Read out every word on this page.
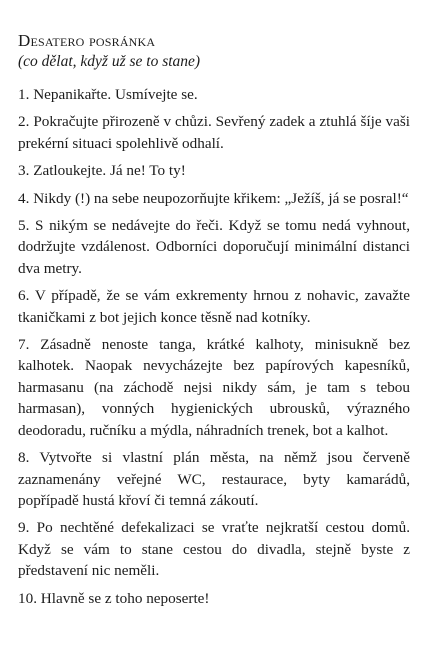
Desatero posránka

(co dělat, když už se to stane)

1. Nepanikařte. Usmívejte se.

2. Pokračujte přirozeně v chůzi. Sevřený zadek a ztuhlá šíje vaši prekérní situaci spolehlivě odhalí.

3. Zatloukejte. Já ne! To ty!

4. Nikdy (!) na sebe neupozorňujte křikem: „Ježíš, já se posral!“

5. S nikým se nedávejte do řeči. Když se tomu nedá vyhnout, dodržujte vzdálenost. Odborníci doporučují minimální distanci dva metry.

6. V případě, že se vám exkrementy hrnou z nohavic, zavažte tkaničkami z bot jejich konce těsně nad kotníky.

7. Zásadně nenoste tanga, krátké kalhoty, minisukně bez kalhotek. Naopak nevycházejte bez papírových kapesníků, harmasanu (na záchodě nejsi nikdy sám, je tam s tebou harmasan), vonných hygienických ubrousků, výrazného deodoradu, ručníku a mýdla, náhradních trenek, bot a kalhot.

8. Vytvořte si vlastní plán města, na němž jsou červeně zaznamenány veřejné WC, restaurace, byty kamarádů, popřípadě hustá křoví či temná zákoutí.

9. Po nechtěné defekalizaci se vraťte nejkratší cestou domů. Když se vám to stane cestou do divadla, stejně byste z představení nic neměli.

10. Hlavně se z toho neposerte!
